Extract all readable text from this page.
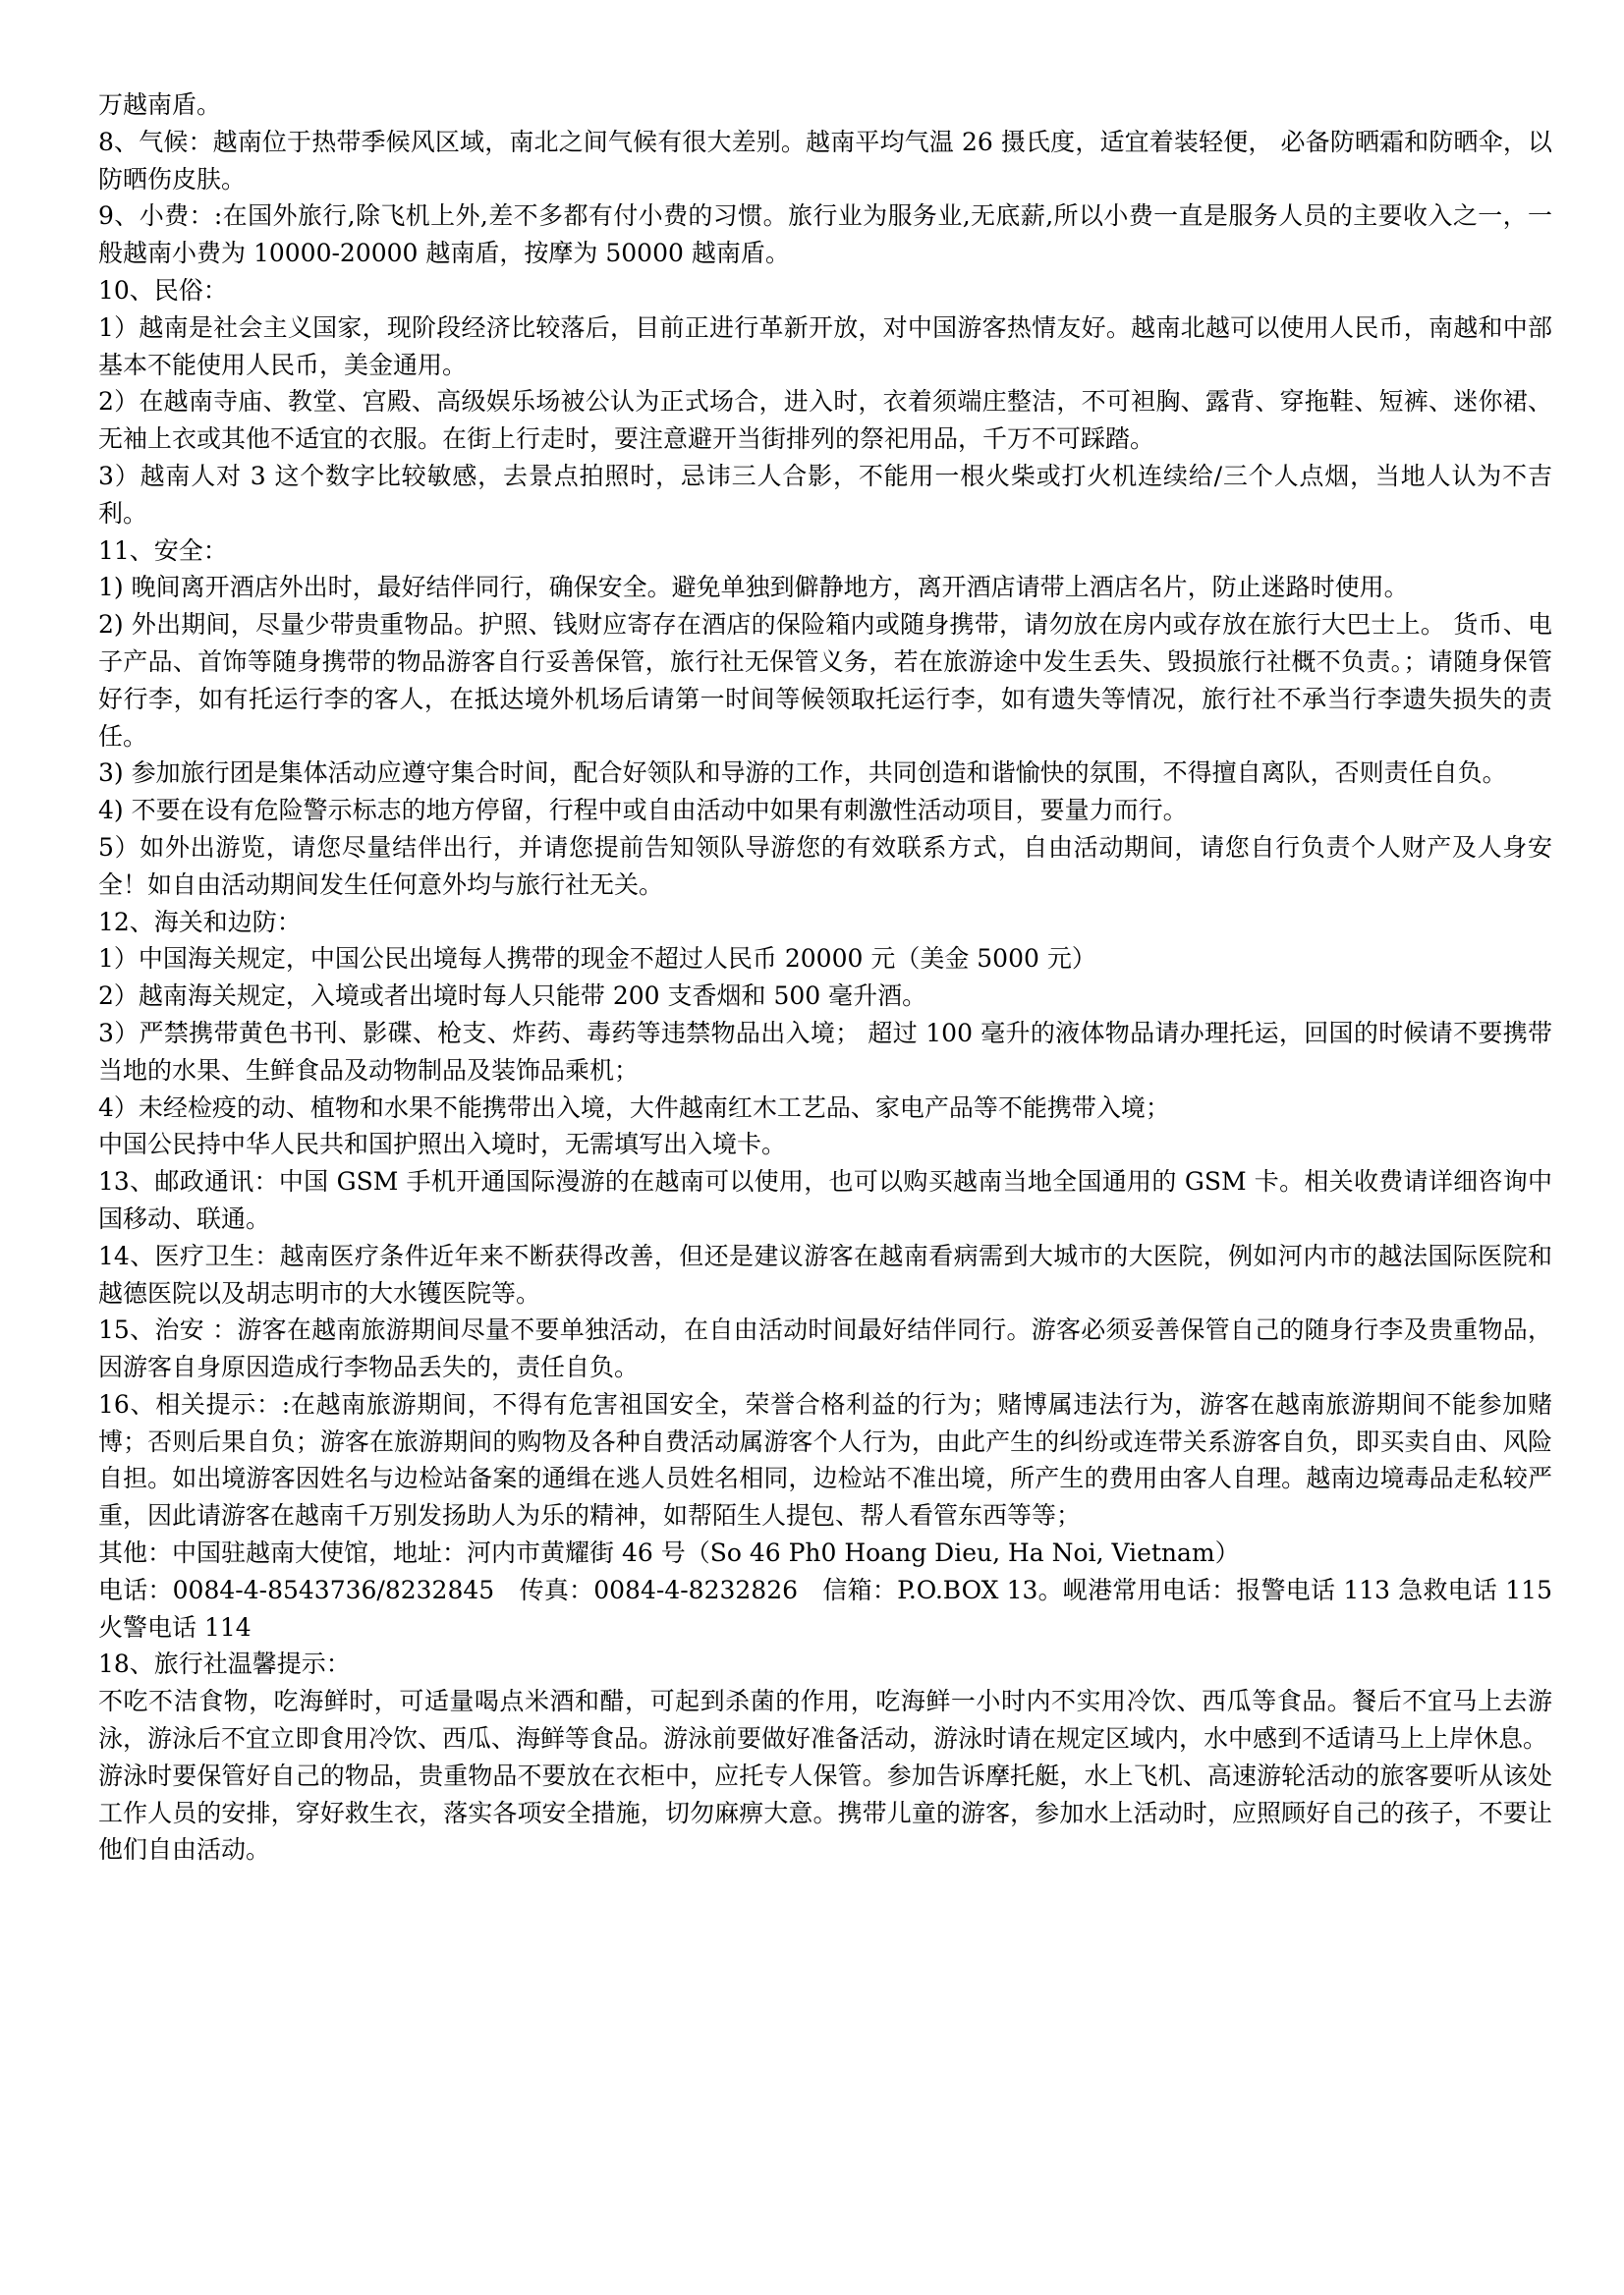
万越南盾。

8、气候：越南位于热带季候风区域，南北之间气候有很大差别。越南平均气温 26 摄氏度，适宜着装轻便， 必备防晒霜和防晒伞，以防晒伤皮肤。

9、小费：:在国外旅行,除飞机上外,差不多都有付小费的习惯。旅行业为服务业,无底薪,所以小费一直是服务人员的主要收入之一，一般越南小费为 10000-20000 越南盾，按摩为 50000 越南盾。

10、民俗：

1）越南是社会主义国家，现阶段经济比较落后，目前正进行革新开放，对中国游客热情友好。越南北越可以使用人民币，南越和中部基本不能使用人民币，美金通用。

2）在越南寺庙、教堂、宫殿、高级娱乐场被公认为正式场合，进入时，衣着须端庄整洁，不可袒胸、露背、穿拖鞋、短裤、迷你裙、无袖上衣或其他不适宜的衣服。在街上行走时，要注意避开当街排列的祭祀用品，千万不可踩踏。

3）越南人对 3 这个数字比较敏感，去景点拍照时，忌讳三人合影，不能用一根火柴或打火机连续给/三个人点烟，当地人认为不吉利。

11、安全：

1) 晚间离开酒店外出时，最好结伴同行，确保安全。避免单独到僻静地方，离开酒店请带上酒店名片，防止迷路时使用。

2) 外出期间，尽量少带贵重物品。护照、钱财应寄存在酒店的保险箱内或随身携带，请勿放在房内或存放在旅行大巴士上。 货币、电子产品、首饰等随身携带的物品游客自行妥善保管，旅行社无保管义务，若在旅游途中发生丢失、毁损旅行社概不负责。；请随身保管好行李，如有托运行李的客人，在抵达境外机场后请第一时间等候领取托运行李，如有遗失等情况，旅行社不承当行李遗失损失的责任。

3) 参加旅行团是集体活动应遵守集合时间，配合好领队和导游的工作，共同创造和谐愉快的氛围，不得擅自离队，否则责任自负。

4) 不要在设有危险警示标志的地方停留，行程中或自由活动中如果有刺激性活动项目，要量力而行。

5）如外出游览，请您尽量结伴出行，并请您提前告知领队导游您的有效联系方式，自由活动期间，请您自行负责个人财产及人身安全！如自由活动期间发生任何意外均与旅行社无关。

12、海关和边防：

1）中国海关规定，中国公民出境每人携带的现金不超过人民币 20000 元（美金 5000 元）

2）越南海关规定，入境或者出境时每人只能带 200 支香烟和 500 毫升酒。

3）严禁携带黄色书刊、影碟、枪支、炸药、毒药等违禁物品出入境； 超过 100 毫升的液体物品请办理托运，回国的时候请不要携带当地的水果、生鲜食品及动物制品及装饰品乘机；

4）未经检疫的动、植物和水果不能携带出入境，大件越南红木工艺品、家电产品等不能携带入境；

中国公民持中华人民共和国护照出入境时，无需填写出入境卡。

13、邮政通讯：中国 GSM 手机开通国际漫游的在越南可以使用，也可以购买越南当地全国通用的 GSM 卡。相关收费请详细咨询中国移动、联通。

14、医疗卫生：越南医疗条件近年来不断获得改善，但还是建议游客在越南看病需到大城市的大医院，例如河内市的越法国际医院和越德医院以及胡志明市的大水镬医院等。

15、治安 ：游客在越南旅游期间尽量不要单独活动，在自由活动时间最好结伴同行。游客必须妥善保管自己的随身行李及贵重物品，因游客自身原因造成行李物品丢失的，责任自负。

16、相关提示：:在越南旅游期间，不得有危害祖国安全，荣誉合格利益的行为；赌博属违法行为，游客在越南旅游期间不能参加赌博；否则后果自负；游客在旅游期间的购物及各种自费活动属游客个人行为，由此产生的纠纷或连带关系游客自负，即买卖自由、风险自担。如出境游客因姓名与边检站备案的通缉在逃人员姓名相同，边检站不准出境，所产生的费用由客人自理。越南边境毒品走私较严重，因此请游客在越南千万别发扬助人为乐的精神，如帮陌生人提包、帮人看管东西等等；

其他：中国驻越南大使馆，地址：河内市黄耀街 46 号（So 46 Ph0 Hoang Dieu, Ha Noi, Vietnam）

电话：0084-4-8543736/8232845　传真：0084-4-8232826　信箱：P.O.BOX 13。岘港常用电话：报警电话 113 急救电话 115 火警电话 114

18、旅行社温馨提示：

不吃不洁食物，吃海鲜时，可适量喝点米酒和醋，可起到杀菌的作用，吃海鲜一小时内不实用冷饮、西瓜等食品。餐后不宜马上去游泳，游泳后不宜立即食用冷饮、西瓜、海鲜等食品。游泳前要做好准备活动，游泳时请在规定区域内，水中感到不适请马上上岸休息。

游泳时要保管好自己的物品，贵重物品不要放在衣柜中，应托专人保管。参加告诉摩托艇，水上飞机、高速游轮活动的旅客要听从该处工作人员的安排，穿好救生衣，落实各项安全措施，切勿麻痹大意。携带儿童的游客，参加水上活动时，应照顾好自己的孩子，不要让他们自由活动。
